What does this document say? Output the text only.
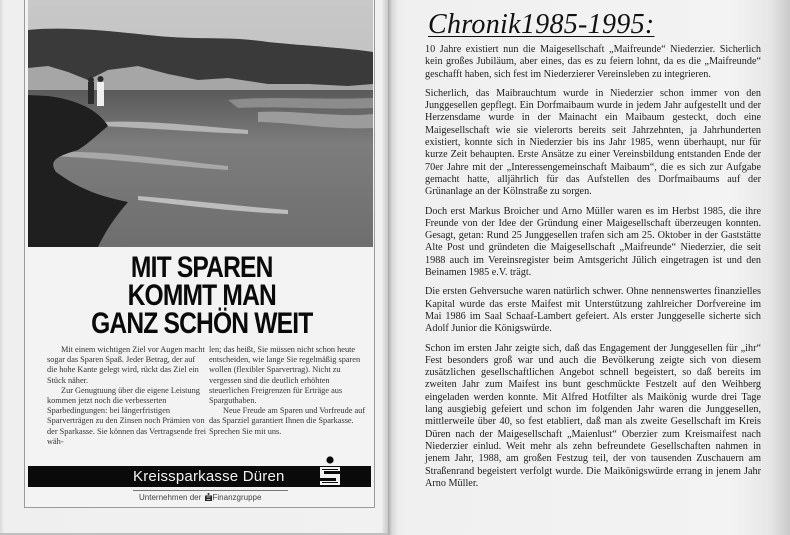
MIT SPAREN
KOMMT MAN
GANZ SCHÖN WEIT

Mit einem wichtigen Ziel vor Augen macht sogar das Sparen Spaß. Jeder Betrag, der auf die hohe Kante gelegt wird, rückt das Ziel ein Stück näher.

Zur Genugtuung über die eigene Leistung kommen jetzt noch die verbesserten Sparbedingungen: bei längerfristigen Sparverträgen zu den Zinsen noch Prämien von der Sparkasse. Sie können das Vertragsende frei wäh-

len; das heißt, Sie müssen nicht schon heute entscheiden, wie lange Sie regelmäßig sparen wollen (flexibler Sparvertrag). Nicht zu vergessen sind die deutlich erhöhten steuerlichen Freigrenzen für Erträge aus Sparguthaben.

Neue Freude am Sparen und Vorfreude auf das Sparziel garantiert Ihnen die Sparkasse. Sprechen Sie mit uns.

Kreissparkasse Düren
Unternehmen der Finanzgruppe
Chronik1985-1995:

10 Jahre existiert nun die Maigesellschaft „Maifreunde“ Niederzier. Sicherlich kein großes Jubiläum, aber eines, das es zu feiern lohnt, da es die „Maifreunde“ geschafft haben, sich fest im Niederzierer Vereinsleben zu integrieren.

Sicherlich, das Maibrauchtum wurde in Niederzier schon immer von den Junggesellen gepflegt. Ein Dorfmaibaum wurde in jedem Jahr aufgestellt und der Herzensdame wurde in der Mainacht ein Maibaum gesteckt, doch eine Maigesellschaft wie sie vielerorts bereits seit Jahrzehnten, ja Jahrhunderten existiert, konnte sich in Niederzier bis ins Jahr 1985, wenn überhaupt, nur für kurze Zeit behaupten. Erste Ansätze zu einer Vereinsbildung entstanden Ende der 70er Jahre mit der „Interessengemeinschaft Maibaum“, die es sich zur Aufgabe gemacht hatte, alljährlich für das Aufstellen des Dorfmaibaums auf der Grünanlage an der Kölnstraße zu sorgen.

Doch erst Markus Broicher und Arno Müller waren es im Herbst 1985, die ihre Freunde von der Idee der Gründung einer Maigesellschaft überzeugen konnten. Gesagt, getan: Rund 25 Junggesellen trafen sich am 25. Oktober in der Gaststätte Alte Post und gründeten die Maigesellschaft „Maifreunde“ Niederzier, die seit 1988 auch im Vereinsregister beim Amtsgericht Jülich eingetragen ist und den Beinamen 1985 e.V. trägt.

Die ersten Gehversuche waren natürlich schwer. Ohne nennenswertes finanzielles Kapital wurde das erste Maifest mit Unterstützung zahlreicher Dorfvereine im Mai 1986 im Saal Schaaf-Lambert gefeiert. Als erster Junggeselle sicherte sich Adolf Junior die Königswürde.

Schon im ersten Jahr zeigte sich, daß das Engagement der Junggesellen für „ihr“ Fest besonders groß war und auch die Bevölkerung zeigte sich von diesem zusätzlichen gesellschaftlichen Angebot schnell begeistert, so daß bereits im zweiten Jahr zum Maifest ins bunt geschmückte Festzelt auf den Weihberg eingeladen werden konnte. Mit Alfred Hotfilter als Maikönig wurde drei Tage lang ausgiebig gefeiert und schon im folgenden Jahr waren die Junggesellen, mittlerweile über 40, so fest etabliert, daß man als zweite Gesellschaft im Kreis Düren nach der Maigesellschaft „Maienlust“ Oberzier zum Kreismaifest nach Niederzier einlud. Weit mehr als zehn befreundete Gesellschaften nahmen in jenem Jahr, 1988, am großen Festzug teil, der von tausenden Zuschauern am Straßenrand begeistert verfolgt wurde. Die Maikönigswürde errang in jenem Jahr Arno Müller.
